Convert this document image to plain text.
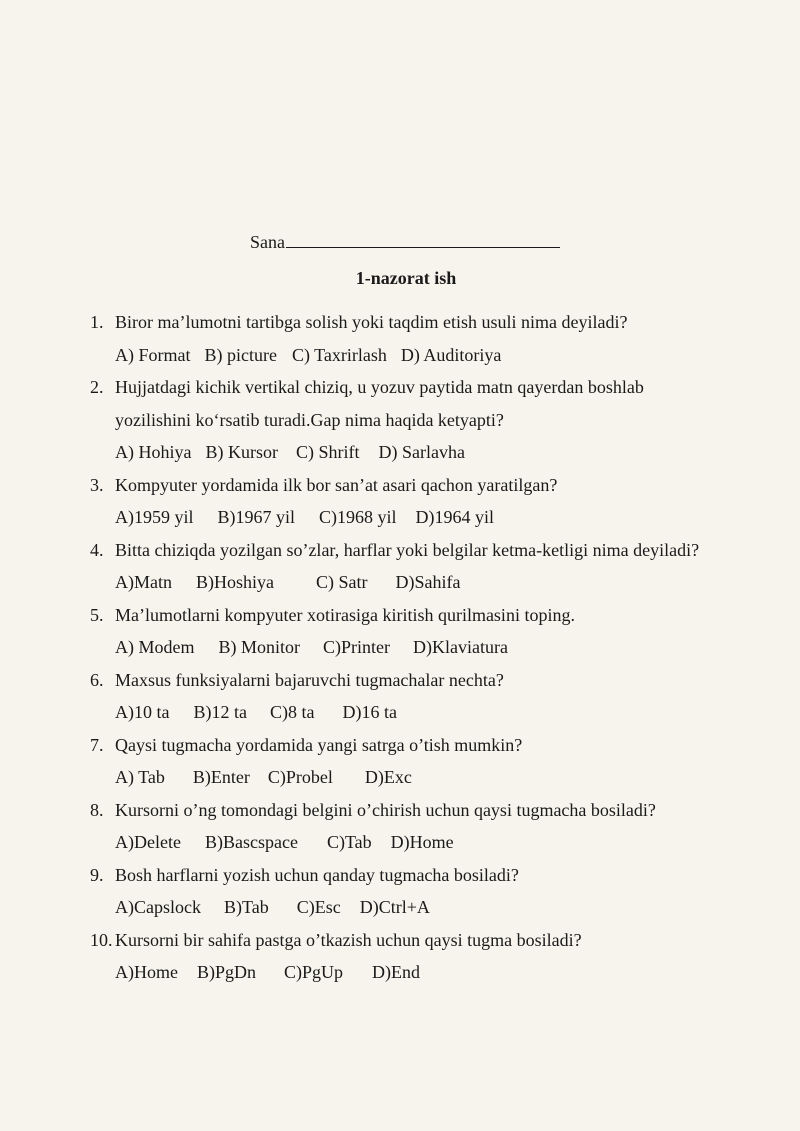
Sana
1-nazorat ish
1. Biror ma’lumotni tartibga solish yoki taqdim etish usuli nima deyiladi?
A) Format B) picture C) Taxrirlash D) Auditoriya
2. Hujjatdagi kichik vertikal chiziq, u yozuv paytida matn qayerdan boshlab
yozilishini ko‘rsatib turadi.Gap nima haqida ketyapti?
A) Hohiya B) Kursor C) Shrift D) Sarlavha
3. Kompyuter yordamida ilk bor san’at asari qachon yaratilgan?
A)1959 yil B)1967 yil C)1968 yil D)1964 yil
4. Bitta chiziqda yozilgan so’zlar, harflar yoki belgilar ketma-ketligi nima deyiladi?
A)Matn B)Hoshiya C) Satr D)Sahifa
5. Ma’lumotlarni kompyuter xotirasiga kiritish qurilmasini toping.
A) Modem B) Monitor C)Printer D)Klaviatura
6. Maxsus funksiyalarni bajaruvchi tugmachalar nechta?
A)10 ta B)12 ta C)8 ta D)16 ta
7. Qaysi tugmacha yordamida yangi satrga o’tish mumkin?
A) Tab B)Enter C)Probel D)Exc
8. Kursorni o’ng tomondagi belgini o’chirish uchun qaysi tugmacha bosiladi?
A)Delete B)Bascspace C)Tab D)Home
9. Bosh harflarni yozish uchun qanday tugmacha bosiladi?
A)Capslock B)Tab C)Esc D)Ctrl+A
10. Kursorni bir sahifa pastga o’tkazish uchun qaysi tugma bosiladi?
A)Home B)PgDn C)PgUp D)End
